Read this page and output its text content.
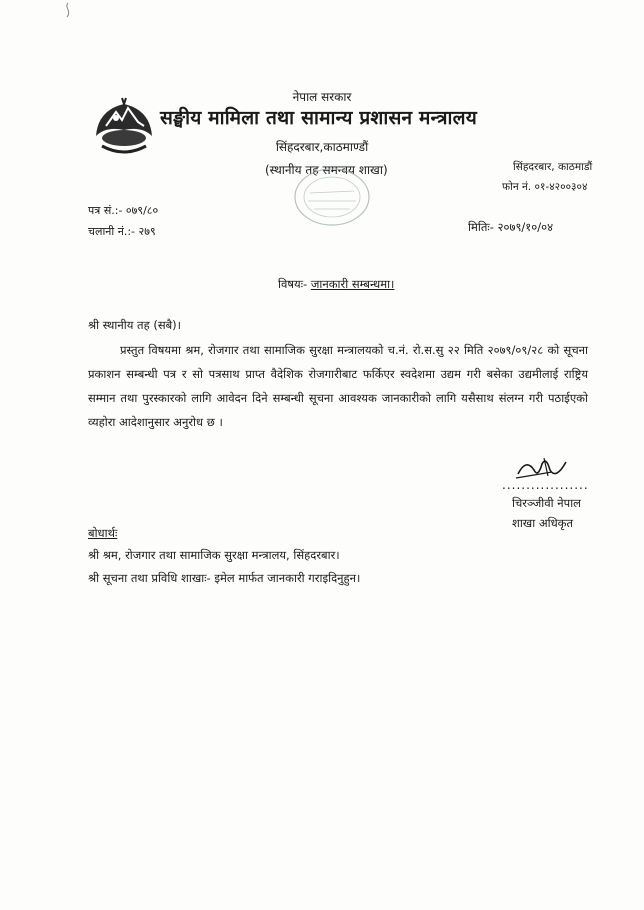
नेपाल सरकार
सङ्घीय मामिला तथा सामान्य प्रशासन मन्त्रालय
सिंहदरबार,काठमाण्डौं
(स्थानीय तह समन्वय शाखा)	सिंहदरबार, काठमाडौं
फोन नं. ०१-४२००३०४
पत्र सं.:- ०७९/८०
चलानी नं.:- २७९	मितिः- २०७९/१०/०४
विषयः- जानकारी सम्बन्धमा।
श्री स्थानीय तह (सबै)।
प्रस्तुत विषयमा श्रम, रोजगार तथा सामाजिक सुरक्षा मन्त्रालयको च.नं. रो.स.सु २२ मिति २०७९/०९/२८ को सूचना प्रकाशन सम्बन्धी पत्र र सो पत्रसाथ प्राप्त वैदेशिक रोजगारीबाट फर्किएर स्वदेशमा उद्यम गरी बसेका उद्यमीलाई राष्ट्रिय सम्मान तथा पुरस्कारको लागि आवेदन दिने सम्बन्धी सूचना आवश्यक जानकारीको लागि यसैसाथ संलग्न गरी पठाईएको व्यहोरा आदेशानुसार अनुरोध छ ।
..................
चिरञ्जीवी नेपाल
शाखा अधिकृत
बोधार्थः
श्री श्रम, रोजगार तथा सामाजिक सुरक्षा मन्त्रालय, सिंहदरबार।
श्री सूचना तथा प्रविधि शाखाः- इमेल मार्फत जानकारी गराइदिनुहुन।
